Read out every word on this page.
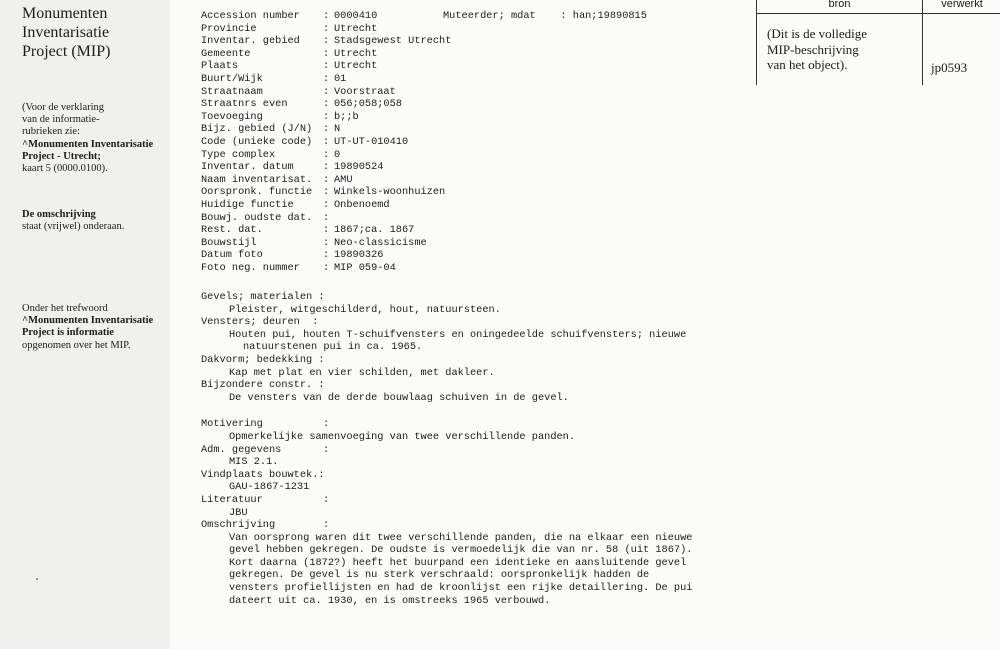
Monumenten
Inventarisatie
Project (MIP)
(Voor de verklaring
van de informatie-
rubrieken zie:
^Monumenten Inventarisatie
Project - Utrecht;
kaart 5 (0000.0100).
De omschrijving
staat (vrijwel) onderaan.
Onder het trefwoord
^Monumenten Inventarisatie
Project is informatie
opgenomen over het MIP.
Muteerder; mdat    : han;19890815
Accession number : 0000410
Provincie	: Utrecht
Inventar. gebied : Stadsgewest Utrecht
Gemeente	: Utrecht
Plaats	: Utrecht
Buurt/Wijk	: 01
Straatnaam	: Voorstraat
Straatnrs even	: 056;058;058
Toevoeging	: b;;b
Bijz. gebied (J/N) : N
Code (unieke code) : UT-UT-010410
Type complex	: 0
Inventar. datum	: 19890524
Naam inventarisat. : AMU
Oorspronk. functie : Winkels-woonhuizen
Huidige functie	: Onbenoemd
Bouwj. oudste dat. :
Rest. dat.	: 1867;ca. 1867
Bouwstijl	: Neo-classicisme
Datum foto	: 19890326
Foto neg. nummer : MIP 059-04
Gevels; materialen :
Pleister, witgeschilderd, hout, natuursteen.
Vensters; deuren  :
Houten pui, houten T-schuifvensters en oningedeelde schuifvensters; nieuwe
natuurstenen pui in ca. 1965.
Dakvorm; bedekking :
Kap met plat en vier schilden, met dakleer.
Bijzondere constr. :
De vensters van de derde bouwlaag schuiven in de gevel.
Motivering	:
Opmerkelijke samenvoeging van twee verschillende panden.
Adm. gegevens	:
MIS 2.1.
Vindplaats bouwtek.:
GAU-1867-1231
Literatuur	:
JBU
Omschrijving	:
Van oorsprong waren dit twee verschillende panden, die na elkaar een nieuwe
gevel hebben gekregen. De oudste is vermoedelijk die van nr. 58 (uit 1867).
Kort daarna (1872?) heeft het buurpand een identieke en aansluitende gevel
gekregen. De gevel is nu sterk verschraald: oorspronkelijk hadden de
vensters profiellijsten en had de kroonlijst een rijke detaillering. De pui
dateert uit ca. 1930, en is omstreeks 1965 verbouwd.
bron	verwerkt
(Dit is de volledige
MIP-beschrijving
van het object).	jp0593
